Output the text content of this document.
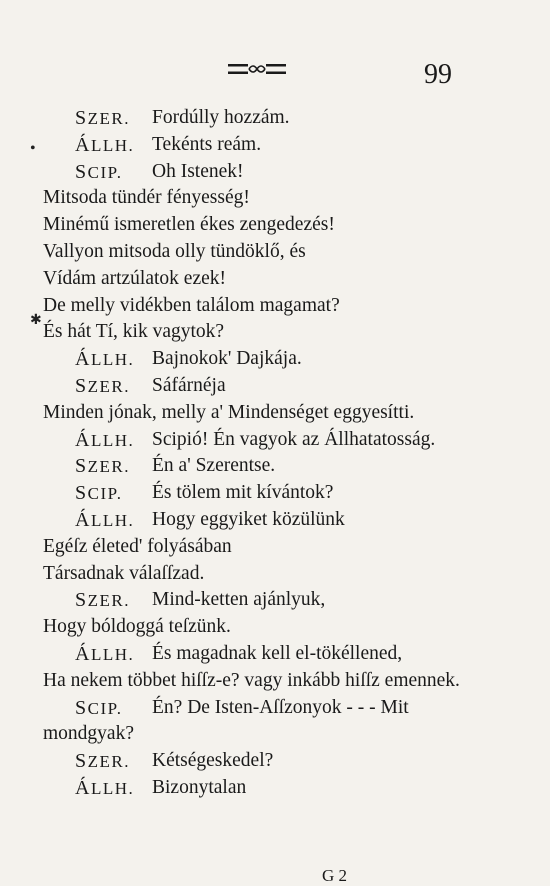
99
SZER. Fordúlly hozzám.
ÁLLH. Tekénts reám.
SCIP. Oh Istenek!
Mitsoda tündér fényesség!
Minémű ismeretlen ékes zengedezés!
Vallyon mitsoda olly tündöklő, és
Vídám artzúlatok ezek!
De melly vidékben találom magamat?
És hát Tí, kik vagytok?
ÁLLH. Bajnokok' Dajkája.
SZER. Sáfárnéja
Minden jónak, melly a' Mindenséget eggyesítti.
ÁLLH. Scipió! Én vagyok az Állhatatosság.
SZER. Én a' Szerentse.
SCIP. És tölem mit kívántok?
ÁLLH. Hogy eggyiket közülünk
Egéſz életed' folyásában
Társadnak válaſſzad.
SZER. Mind-ketten ajánlyuk,
Hogy bóldoggá teſzünk.
ÁLLH. És magadnak kell el-tökéllened,
Ha nekem többet hiſſz-e? vagy inkább hiſſz emennek.
SCIP. Én? De Isten-Aſſzonyok - - - Mit
mondgyak?
SZER. Kétségeskedel?
ÁLLH. Bizonytalan
G 2
•
✱
